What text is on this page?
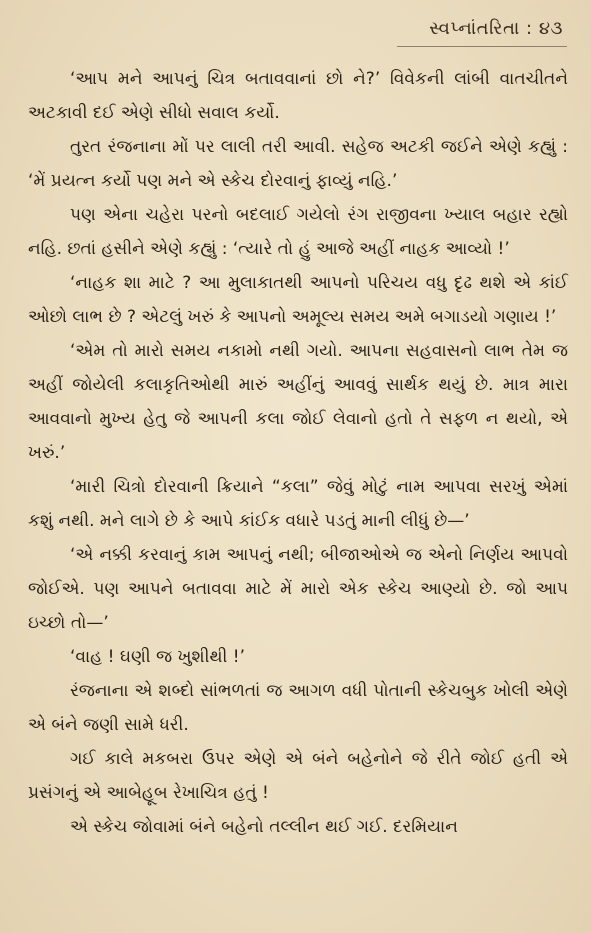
સ્વપ્નાંતરિતા : ૪૩

‘આપ મને આપનું ચિત્ર બતાવવાનાં છો ને?’ વિવેકની લાંબી વાતચીતને અટકાવી દઈ એણે સીધો સવાલ કર્યો.

તુરત રંજનાના મોં પર લાલી તરી આવી. સહેજ અટકી જઈને એણે કહ્યું : ‘મેં પ્રયત્ન કર્યો પણ મને એ સ્કેચ દોરવાનું ફાવ્યું નહિ.’

પણ એના ચહેરા પરનો બદલાઈ ગયેલો રંગ રાજીવના ખ્યાલ બહાર રહ્યો નહિ. છતાં હસીને એણે કહ્યું : ‘ત્યારે તો હું આજે અહીં નાહક આવ્યો !’

‘નાહક શા માટે ? આ મુલાકાતથી આપનો પરિચય વધુ દૃઢ થશે એ કાંઈ ઓછો લાભ છે ? એટલું ખરું કે આપનો અમૂલ્ય સમય અમે બગાડયો ગણાય !’

‘એમ તો મારો સમય નકામો નથી ગયો. આપના સહવાસનો લાભ તેમ જ અહીં જોયેલી કલાકૃતિઓથી મારું અહીંનું આવવું સાર્થક થયું છે. માત્ર મારા આવવાનો મુખ્ય હેતુ જે આપની કલા જોઈ લેવાનો હતો તે સફળ ન થયો, એ ખરું.’

‘મારી ચિત્રો દોરવાની ક્રિયાને “કલા” જેવું મોટું નામ આપવા સરખું એમાં કશું નથી. મને લાગે છે કે આપે કાંઈક વધારે પડતું માની લીધું છે—’

‘એ નક્કી કરવાનું કામ આપનું નથી; બીજાઓએ જ એનો નિર્ણય આપવો જોઈએ. પણ આપને બતાવવા માટે મેં મારો એક સ્કેચ આણ્યો છે. જો આપ ઇચ્છો તો—’

‘વાહ ! ઘણી જ ખુશીથી !’

રંજનાના એ શબ્દો સાંભળતાં જ આગળ વધી પોતાની સ્કેચબુક ખોલી એણે એ બંને જણી સામે ધરી.

ગઈ કાલે મકબરા ઉપર એણે એ બંને બહેનોને જે રીતે જોઈ હતી એ પ્રસંગનું એ આબેહૂબ રેખાચિત્ર હતું !

એ સ્કેચ જોવામાં બંને બહેનો તલ્લીન થઈ ગઈ. દરમિયાન
